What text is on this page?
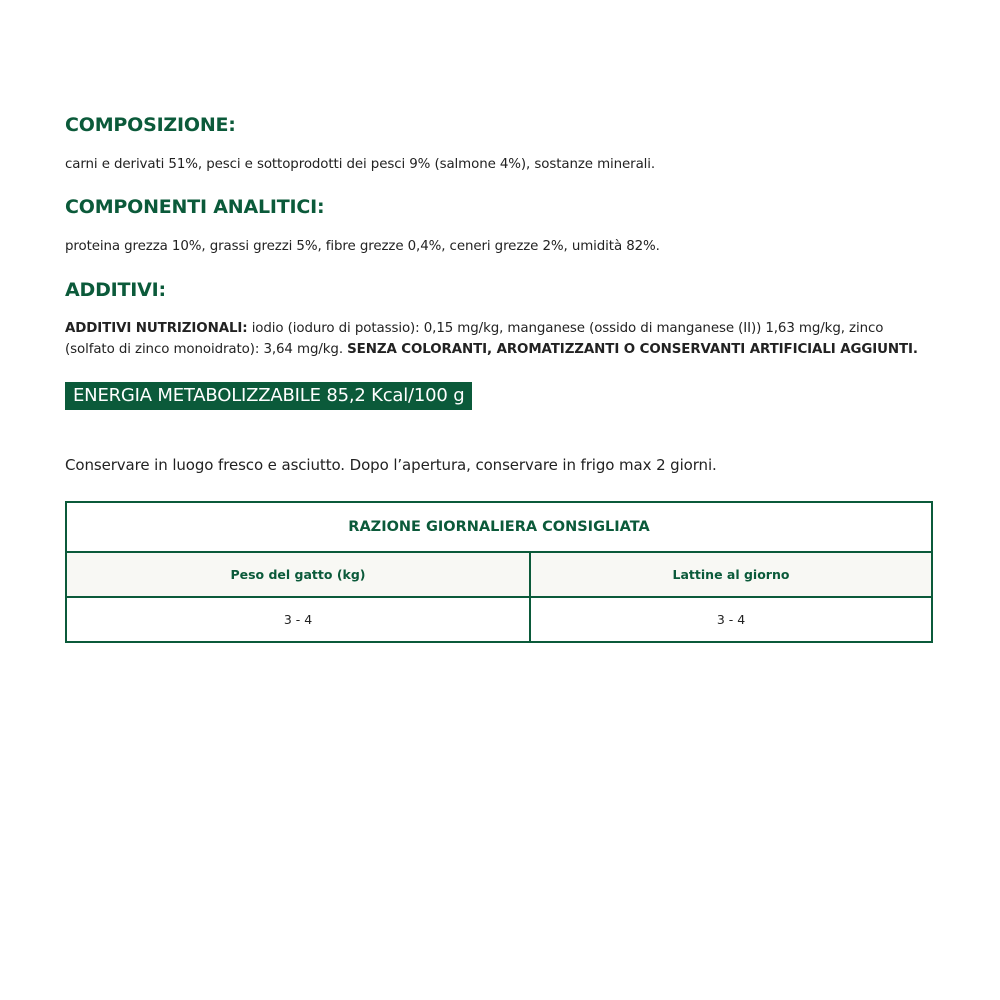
COMPOSIZIONE:

carni e derivati 51%, pesci e sottoprodotti dei pesci 9% (salmone 4%), sostanze minerali.

COMPONENTI ANALITICI:

proteina grezza 10%, grassi grezzi 5%, fibre grezze 0,4%, ceneri grezze 2%, umidità 82%.

ADDITIVI:

ADDITIVI NUTRIZIONALI: iodio (ioduro di potassio): 0,15 mg/kg, manganese (ossido di manganese (II)) 1,63 mg/kg, zinco (solfato di zinco monoidrato): 3,64 mg/kg. SENZA COLORANTI, AROMATIZZANTI O CONSERVANTI ARTIFICIALI AGGIUNTI.

ENERGIA METABOLIZZABILE 85,2 Kcal/100 g

Conservare in luogo fresco e asciutto. Dopo l’apertura, conservare in frigo max 2 giorni.

RAZIONE GIORNALIERA CONSIGLIATA
Peso del gatto (kg)	Lattine al giorno
3 - 4	3 - 4
